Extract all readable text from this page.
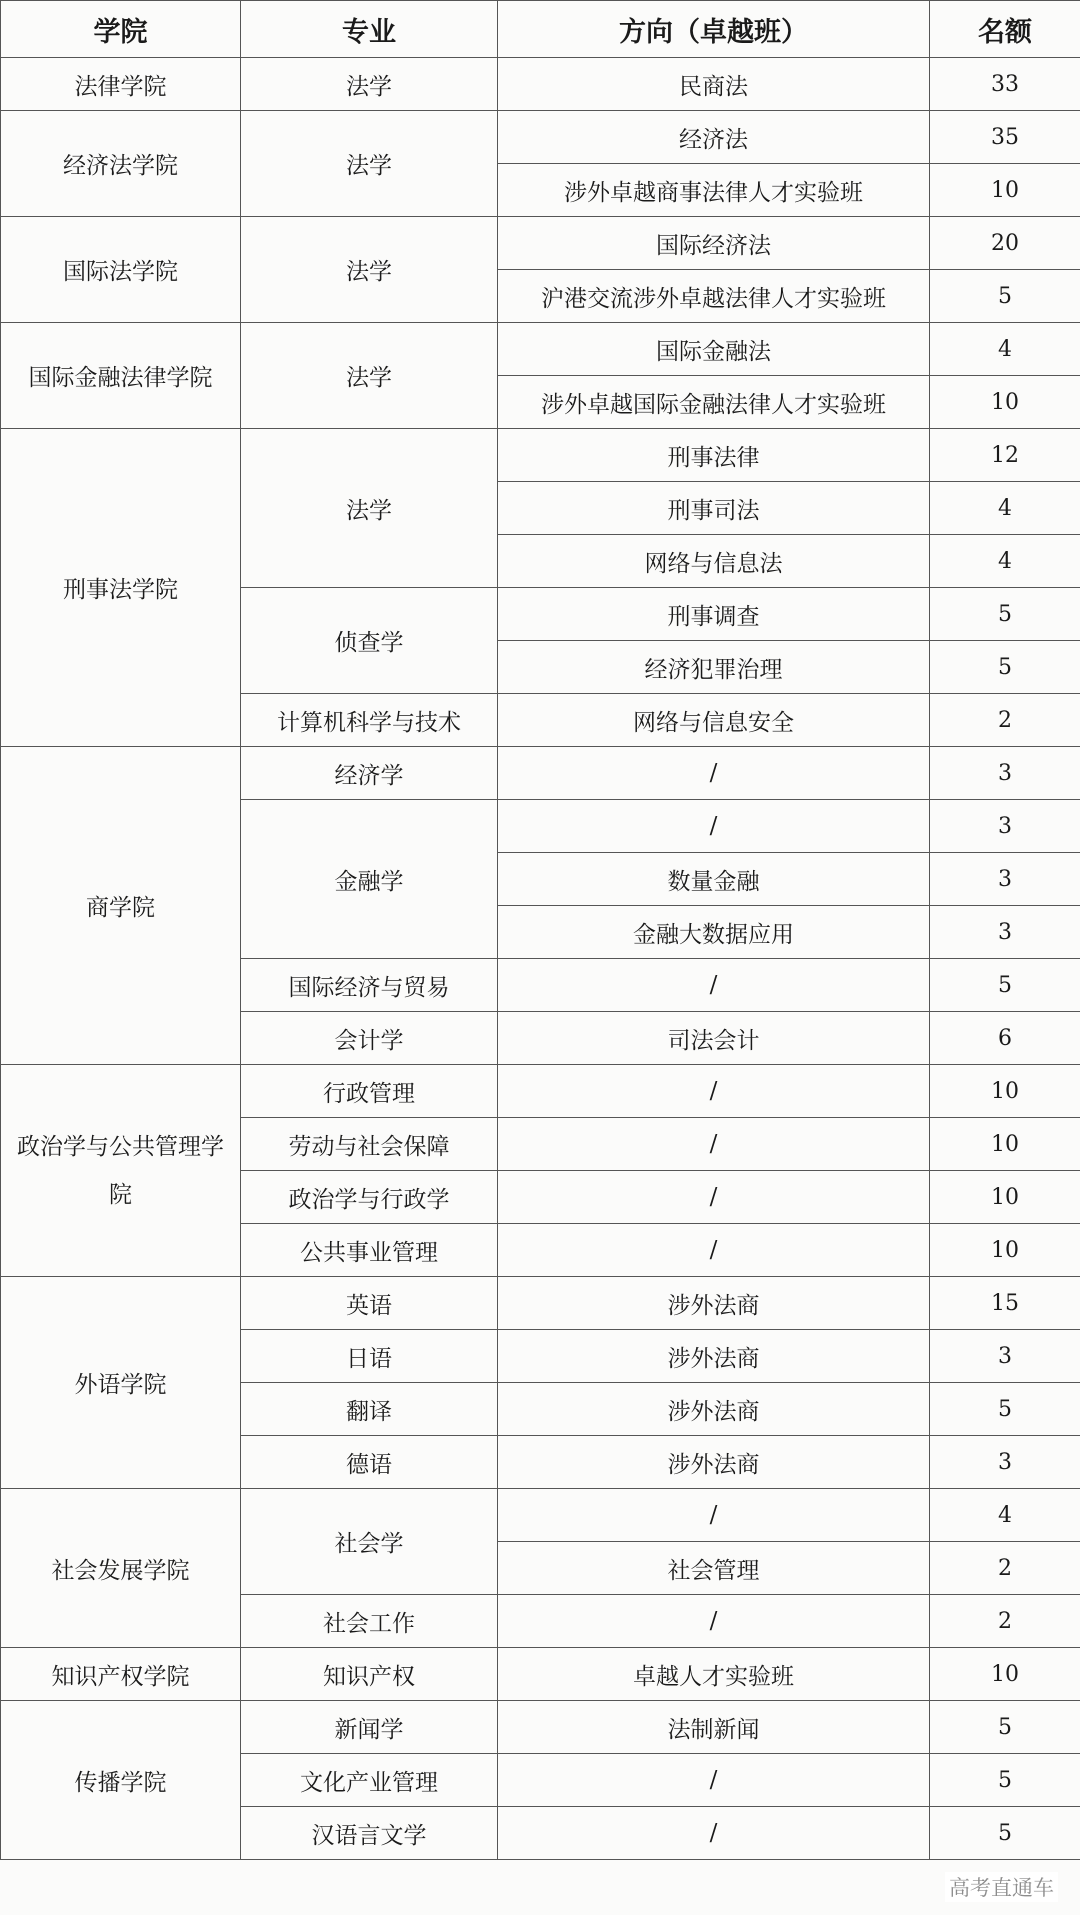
学院	专业	方向（卓越班）	名额
法律学院	法学	民商法	33
经济法学院	法学	经济法	35
		涉外卓越商事法律人才实验班	10
国际法学院	法学	国际经济法	20
		沪港交流涉外卓越法律人才实验班	5
国际金融法律学院	法学	国际金融法	4
		涉外卓越国际金融法律人才实验班	10
刑事法学院	法学	刑事法律	12
		刑事司法	4
		网络与信息法	4
	侦查学	刑事调查	5
		经济犯罪治理	5
	计算机科学与技术	网络与信息安全	2
商学院	经济学	/	3
	金融学	/	3
		数量金融	3
		金融大数据应用	3
	国际经济与贸易	/	5
	会计学	司法会计	6
政治学与公共管理学院	行政管理	/	10
	劳动与社会保障	/	10
	政治学与行政学	/	10
	公共事业管理	/	10
外语学院	英语	涉外法商	15
	日语	涉外法商	3
	翻译	涉外法商	5
	德语	涉外法商	3
社会发展学院	社会学	/	4
		社会管理	2
	社会工作	/	2
知识产权学院	知识产权	卓越人才实验班	10
传播学院	新闻学	法制新闻	5
	文化产业管理	/	5
	汉语言文学	/	5
高考直通车
